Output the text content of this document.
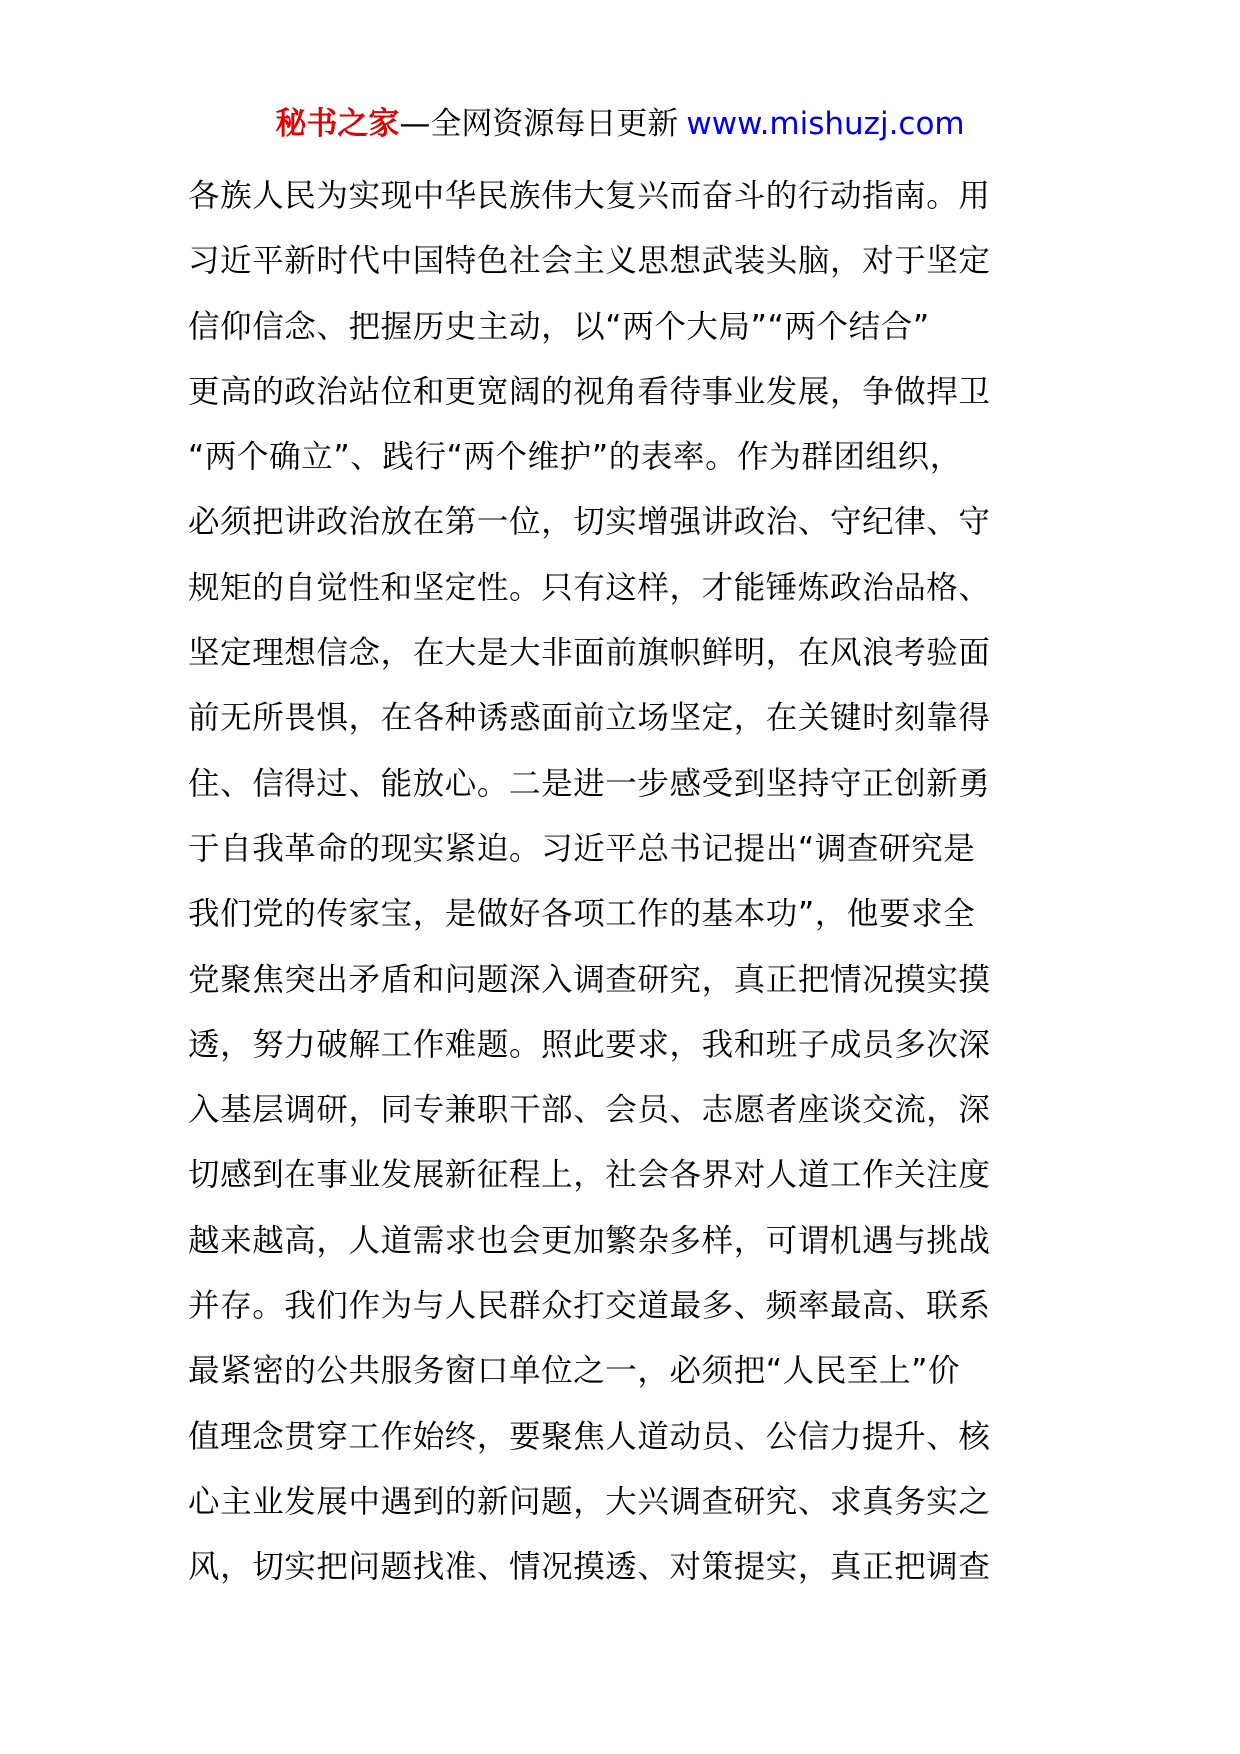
秘书之家—全网资源每日更新 www.mishuzj.com
各族人民为实现中华民族伟大复兴而奋斗的行动指南。用
习近平新时代中国特色社会主义思想武装头脑，对于坚定
信仰信念、把握历史主动，以“两个大局”“两个结合”
更高的政治站位和更宽阔的视角看待事业发展，争做捍卫
“两个确立”、践行“两个维护”的表率。作为群团组织，
必须把讲政治放在第一位，切实增强讲政治、守纪律、守
规矩的自觉性和坚定性。只有这样，才能锤炼政治品格、
坚定理想信念，在大是大非面前旗帜鲜明，在风浪考验面
前无所畏惧，在各种诱惑面前立场坚定，在关键时刻靠得
住、信得过、能放心。二是进一步感受到坚持守正创新勇
于自我革命的现实紧迫。习近平总书记提出“调查研究是
我们党的传家宝，是做好各项工作的基本功”，他要求全
党聚焦突出矛盾和问题深入调查研究，真正把情况摸实摸
透，努力破解工作难题。照此要求，我和班子成员多次深
入基层调研，同专兼职干部、会员、志愿者座谈交流，深
切感到在事业发展新征程上，社会各界对人道工作关注度
越来越高，人道需求也会更加繁杂多样，可谓机遇与挑战
并存。我们作为与人民群众打交道最多、频率最高、联系
最紧密的公共服务窗口单位之一，必须把“人民至上”价
值理念贯穿工作始终，要聚焦人道动员、公信力提升、核
心主业发展中遇到的新问题，大兴调查研究、求真务实之
风，切实把问题找准、情况摸透、对策提实，真正把调查
